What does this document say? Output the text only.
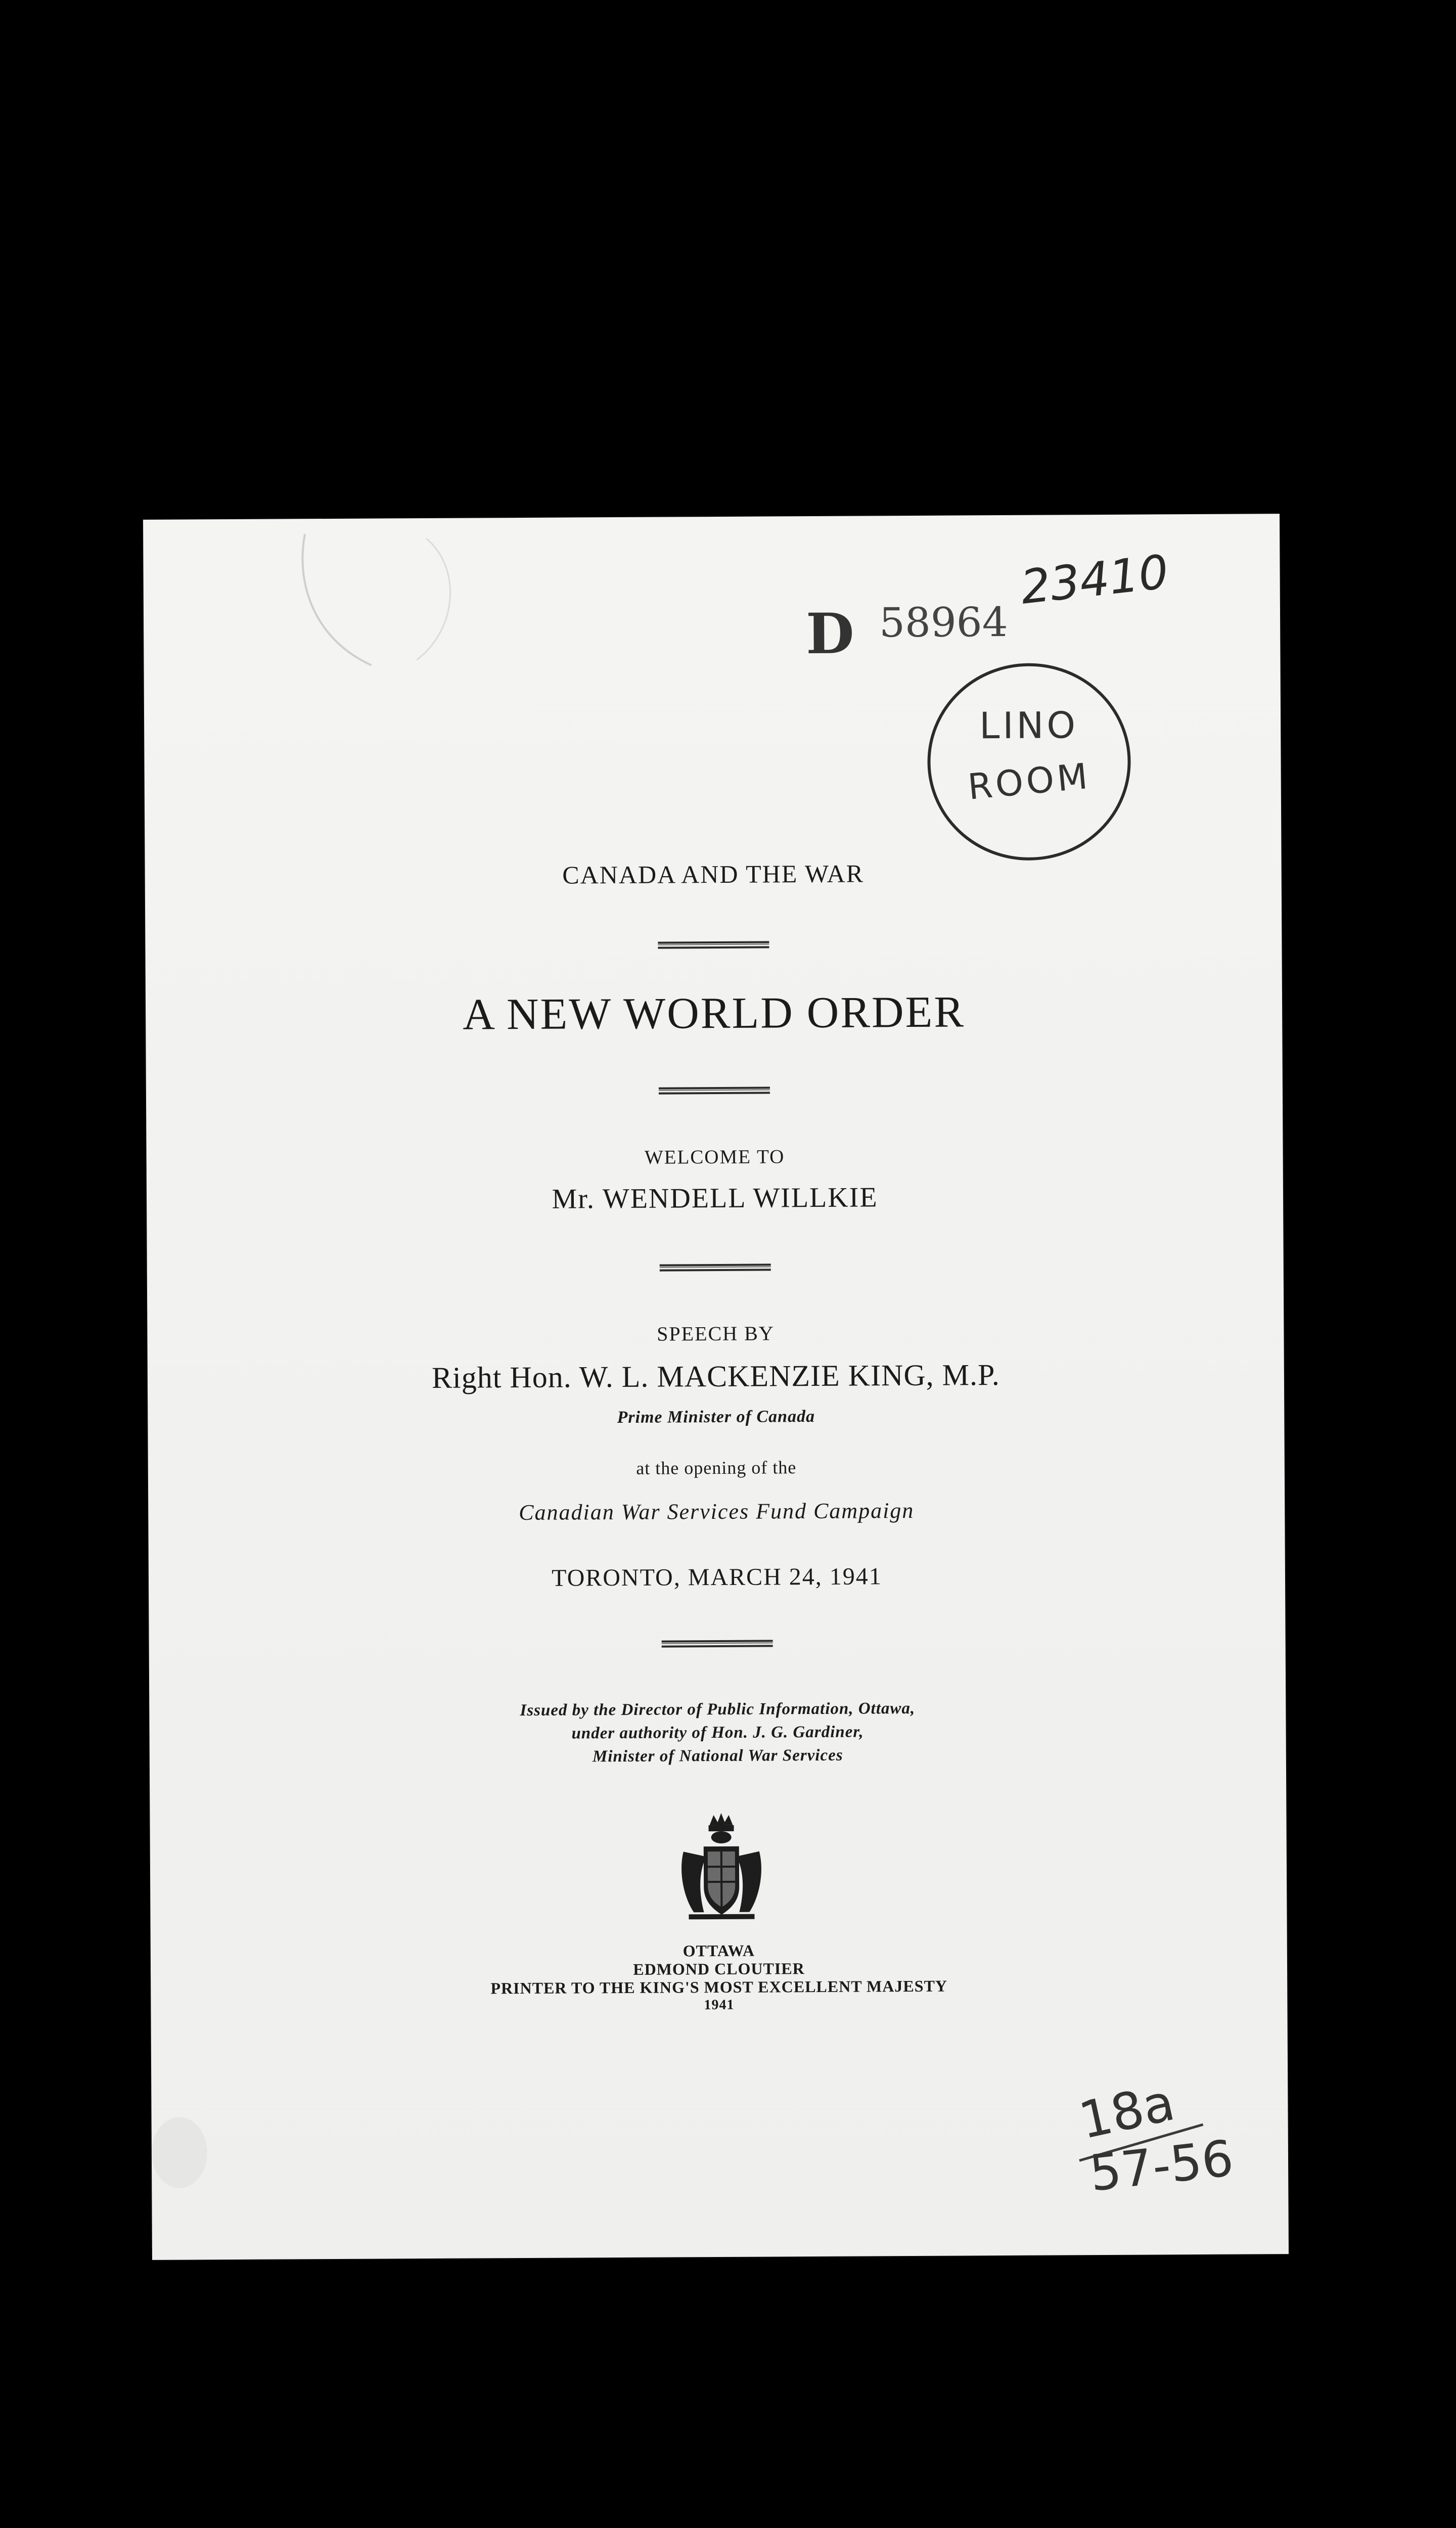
D 58964
23410
LINO
ROOM
CANADA AND THE WAR
A NEW WORLD ORDER
WELCOME TO
Mr. WENDELL WILLKIE
SPEECH BY
Right Hon. W. L. MACKENZIE KING, M.P.
Prime Minister of Canada
at the opening of the
Canadian War Services Fund Campaign
TORONTO, MARCH 24, 1941
Issued by the Director of Public Information, Ottawa,
under authority of Hon. J. G. Gardiner,
Minister of National War Services
OTTAWA
EDMOND CLOUTIER
PRINTER TO THE KING'S MOST EXCELLENT MAJESTY
1941
18a
57-56
